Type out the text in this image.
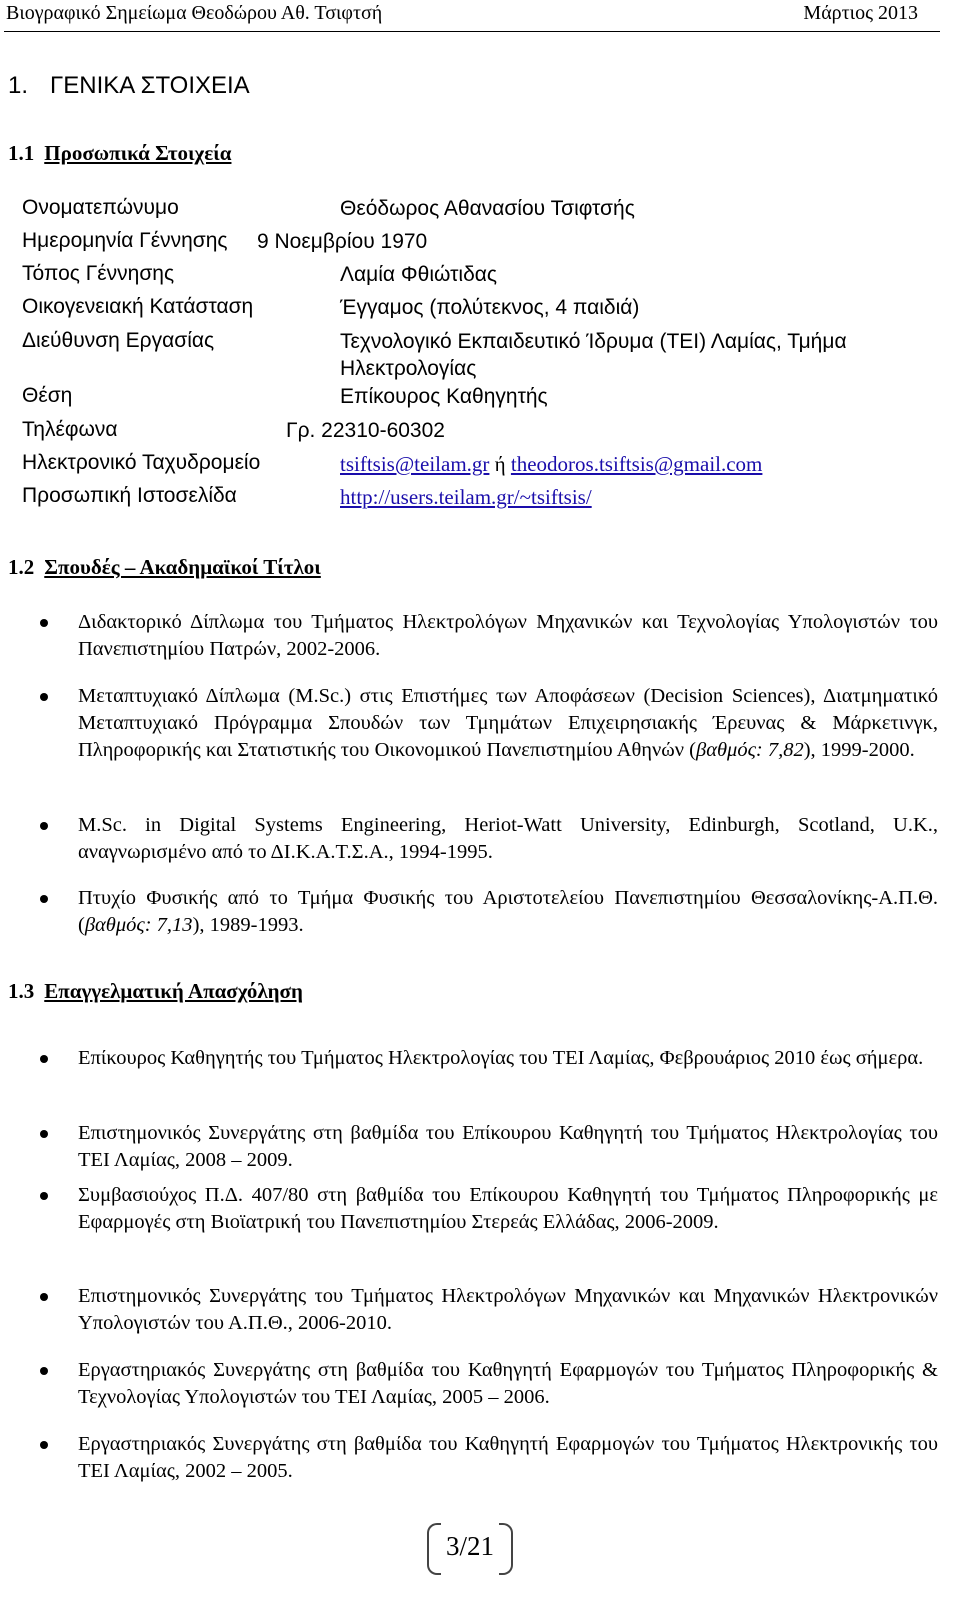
Βιογραφικό Σημείωμα Θεοδώρου Αθ. Τσιφτσή	Μάρτιος 2013
1. ΓΕΝΙΚΑ ΣΤΟΙΧΕΙΑ
1.1 Προσωπικά Στοιχεία
Ονοματεπώνυμο	Θεόδωρος Αθανασίου Τσιφτσής
Ημερομηνία Γέννησης 9 Νοεμβρίου 1970
Τόπος Γέννησης	Λαμία Φθιώτιδας
Οικογενειακή Κατάσταση	Έγγαμος (πολύτεκνος, 4 παιδιά)
Διεύθυνση Εργασίας	Τεχνολογικό Εκπαιδευτικό Ίδρυμα (ΤΕΙ) Λαμίας, Τμήμα
Ηλεκτρολογίας
Θέση	Επίκουρος Καθηγητής
Τηλέφωνα	Γρ. 22310-60302
Ηλεκτρονικό Ταχυδρομείο	tsiftsis@teilam.gr ή theodoros.tsiftsis@gmail.com
Προσωπική Ιστοσελίδα	http://users.teilam.gr/~tsiftsis/
1.2 Σπουδές – Ακαδημαϊκοί Τίτλοι
Διδακτορικό Δίπλωμα του Τμήματος Ηλεκτρολόγων Μηχανικών και Τεχνολογίας Υπολογιστών του Πανεπιστημίου Πατρών, 2002-2006.
Μεταπτυχιακό Δίπλωμα (M.Sc.) στις Επιστήμες των Αποφάσεων (Decision Sciences), Διατμηματικό Μεταπτυχιακό Πρόγραμμα Σπουδών των Τμημάτων Επιχειρησιακής Έρευνας & Μάρκετινγκ, Πληροφορικής και Στατιστικής του Οικονομικού Πανεπιστημίου Αθηνών (βαθμός: 7,82), 1999-2000.
M.Sc. in Digital Systems Engineering, Heriot-Watt University, Edinburgh, Scotland, U.K., αναγνωρισμένο από το ΔΙ.Κ.Α.Τ.Σ.Α., 1994-1995.
Πτυχίο Φυσικής από το Τμήμα Φυσικής του Αριστοτελείου Πανεπιστημίου Θεσσαλονίκης-Α.Π.Θ. (βαθμός: 7,13), 1989-1993.
1.3 Επαγγελματική Απασχόληση
Επίκουρος Καθηγητής του Τμήματος Ηλεκτρολογίας του ΤΕΙ Λαμίας, Φεβρουάριος 2010 έως σήμερα.
Επιστημονικός Συνεργάτης στη βαθμίδα του Επίκουρου Καθηγητή του Τμήματος Ηλεκτρολογίας του ΤΕΙ Λαμίας, 2008 – 2009.
Συμβασιούχος Π.Δ. 407/80 στη βαθμίδα του Επίκουρου Καθηγητή του Τμήματος Πληροφορικής με Εφαρμογές στη Βιοϊατρική του Πανεπιστημίου Στερεάς Ελλάδας, 2006-2009.
Επιστημονικός Συνεργάτης του Τμήματος Ηλεκτρολόγων Μηχανικών και Μηχανικών Ηλεκτρονικών Υπολογιστών του Α.Π.Θ., 2006-2010.
Εργαστηριακός Συνεργάτης στη βαθμίδα του Καθηγητή Εφαρμογών του Τμήματος Πληροφορικής & Τεχνολογίας Υπολογιστών του ΤΕΙ Λαμίας, 2005 – 2006.
Εργαστηριακός Συνεργάτης στη βαθμίδα του Καθηγητή Εφαρμογών του Τμήματος Ηλεκτρονικής του ΤΕΙ Λαμίας, 2002 – 2005.
3/21
